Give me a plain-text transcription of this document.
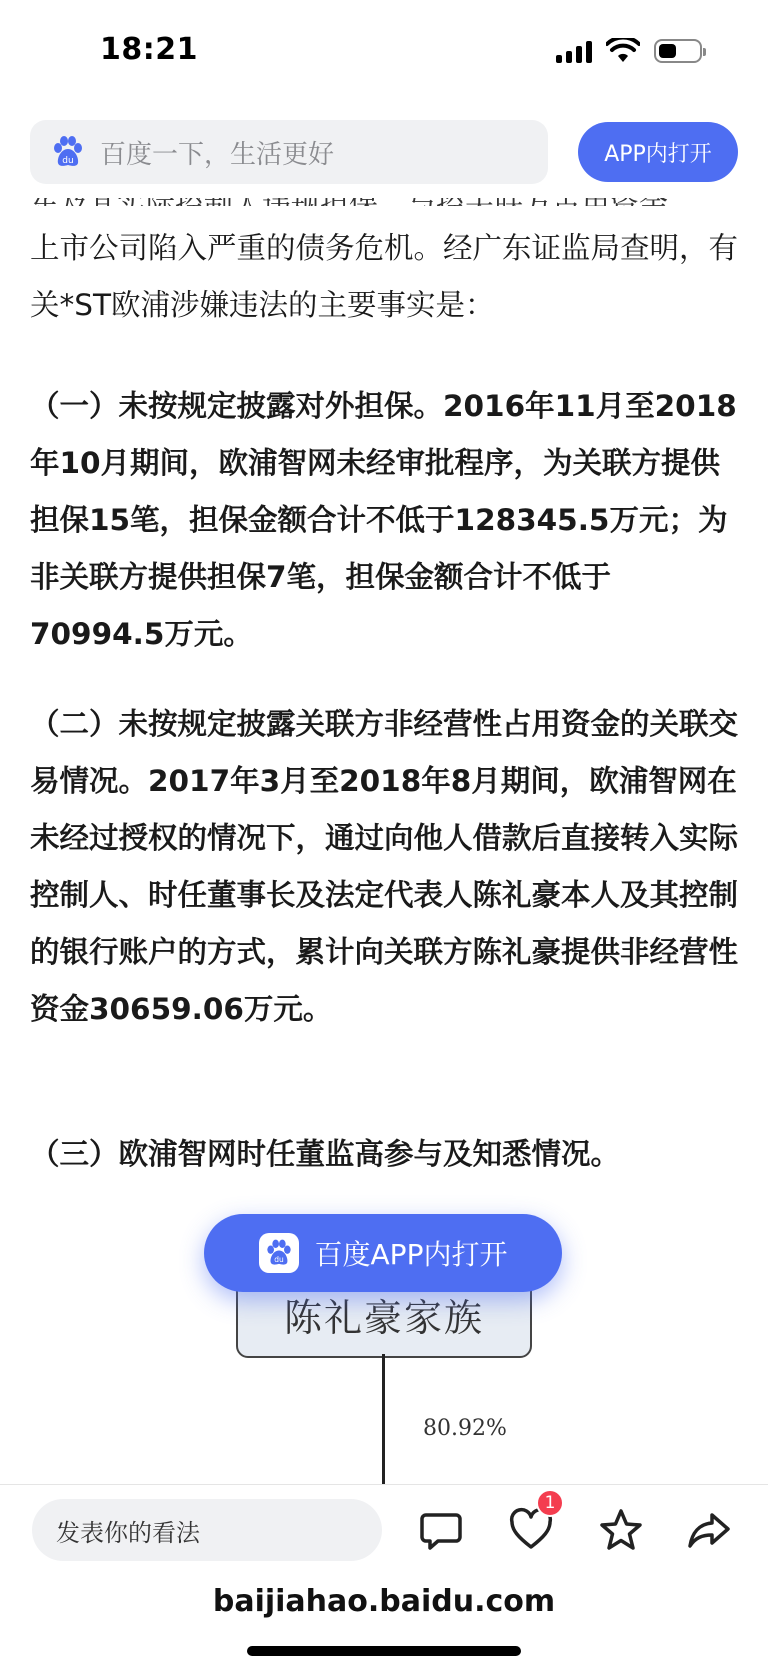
18:21
du 百度一下，生活更好	APP内打开

上市公司陷入严重的债务危机。经广东证监局查明，有关*ST欧浦涉嫌违法的主要事实是：

（一）未按规定披露对外担保。2016年11月至2018年10月期间，欧浦智网未经审批程序，为关联方提供担保15笔，担保金额合计不低于128345.5万元；为非关联方提供担保7笔，担保金额合计不低于70994.5万元。

（二）未按规定披露关联方非经营性占用资金的关联交易情况。2017年3月至2018年8月期间，欧浦智网在未经过授权的情况下，通过向他人借款后直接转入实际控制人、时任董事长及法定代表人陈礼豪本人及其控制的银行账户的方式，累计向关联方陈礼豪提供非经营性资金30659.06万元。

（三）欧浦智网时任董监高参与及知悉情况。

陈礼豪家族
80.92%
du 百度APP内打开
发表你的看法
1
baijiahao.baidu.com
